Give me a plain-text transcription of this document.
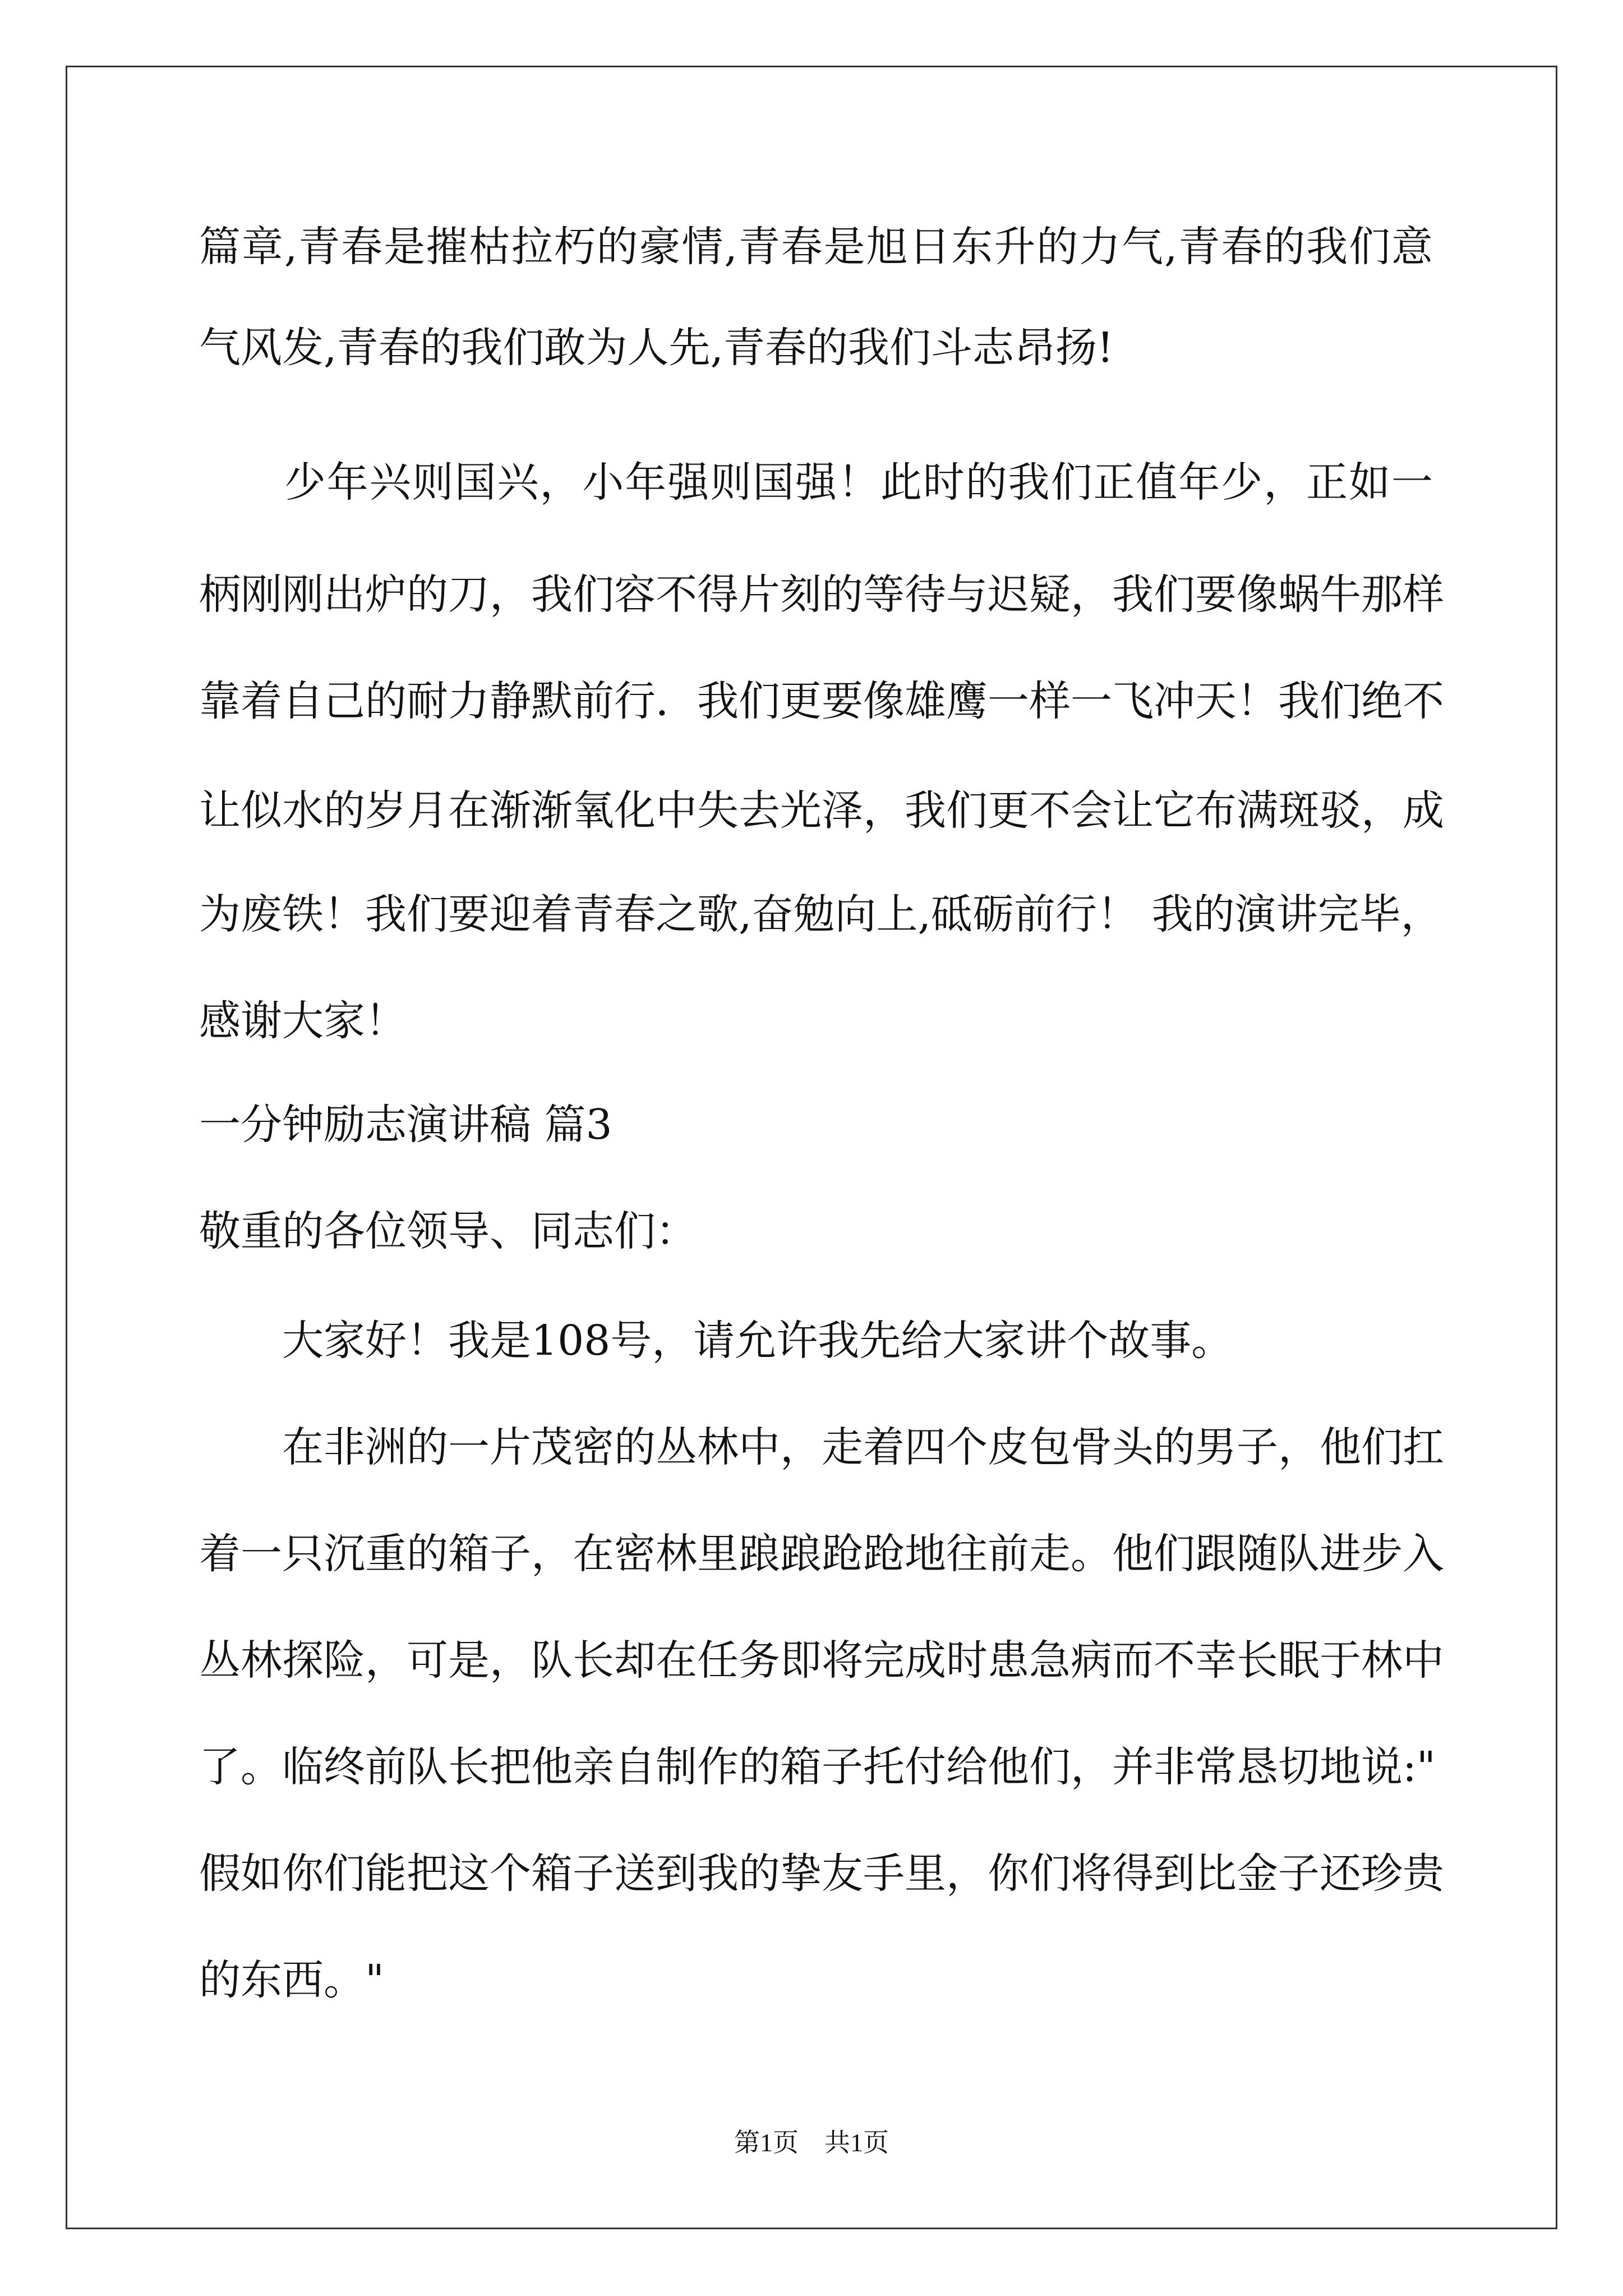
篇章,青春是摧枯拉朽的豪情,青春是旭日东升的力气,青春的我们意
气风发,青春的我们敢为人先,青春的我们斗志昂扬!
　　少年兴则国兴，小年强则国强！此时的我们正值年少，正如一
柄刚刚出炉的刀，我们容不得片刻的等待与迟疑，我们要像蜗牛那样
靠着自己的耐力静默前行．我们更要像雄鹰一样一飞冲天！我们绝不
让似水的岁月在渐渐氧化中失去光泽，我们更不会让它布满斑驳，成
为废铁！我们要迎着青春之歌,奋勉向上,砥砺前行！ 我的演讲完毕，
感谢大家！
一分钟励志演讲稿 篇3
敬重的各位领导、同志们：
　　大家好！我是108号，请允许我先给大家讲个故事。
　　在非洲的一片茂密的丛林中，走着四个皮包骨头的男子，他们扛
着一只沉重的箱子，在密林里踉踉跄跄地往前走。他们跟随队进步入
丛林探险，可是，队长却在任务即将完成时患急病而不幸长眠于林中
了。临终前队长把他亲自制作的箱子托付给他们，并非常恳切地说:"
假如你们能把这个箱子送到我的挚友手里，你们将得到比金子还珍贵
的东西。"
第1页　共1页
